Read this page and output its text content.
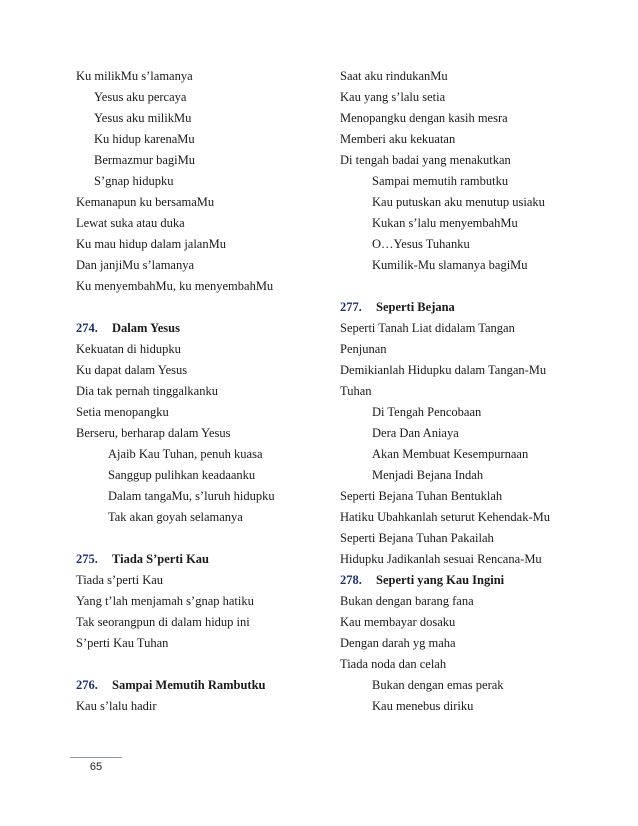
Ku milikMu s’lamanya
Yesus aku percaya
Yesus aku milikMu
Ku hidup karenaMu
Bermazmur bagiMu
S’gnap hidupku
Kemanapun ku bersamaMu
Lewat suka atau duka
Ku mau hidup dalam jalanMu
Dan janjiMu s’lamanya
Ku menyembahMu, ku menyembahMu
274. Dalam Yesus
Kekuatan di hidupku
Ku dapat dalam Yesus
Dia tak pernah tinggalkanku
Setia menopangku
Berseru, berharap dalam Yesus
Ajaib Kau Tuhan, penuh kuasa
Sanggup pulihkan keadaanku
Dalam tangaMu, s’luruh hidupku
Tak akan goyah selamanya
275. Tiada S’perti Kau
Tiada s’perti Kau
Yang t’lah menjamah s’gnap hatiku
Tak seorangpun di dalam hidup ini
S’perti Kau Tuhan
276. Sampai Memutih Rambutku
Kau s’lalu hadir
Saat aku rindukanMu
Kau yang s’lalu setia
Menopangku dengan kasih mesra
Memberi aku kekuatan
Di tengah badai yang menakutkan
Sampai memutih rambutku
Kau putuskan aku menutup usiaku
Kukan s’lalu menyembahMu
O…Yesus Tuhanku
Kumilik-Mu slamanya bagiMu
277. Seperti Bejana
Seperti Tanah Liat didalam Tangan
Penjunan
Demikianlah Hidupku dalam Tangan-Mu
Tuhan
Di Tengah Pencobaan
Dera Dan Aniaya
Akan Membuat Kesempurnaan
Menjadi Bejana Indah
Seperti Bejana Tuhan Bentuklah
Hatiku Ubahkanlah seturut Kehendak-Mu
Seperti Bejana Tuhan Pakailah
Hidupku Jadikanlah sesuai Rencana-Mu
278. Seperti yang Kau Ingini
Bukan dengan barang fana
Kau membayar dosaku
Dengan darah yg maha
Tiada noda dan celah
Bukan dengan emas perak
Kau menebus diriku
65
